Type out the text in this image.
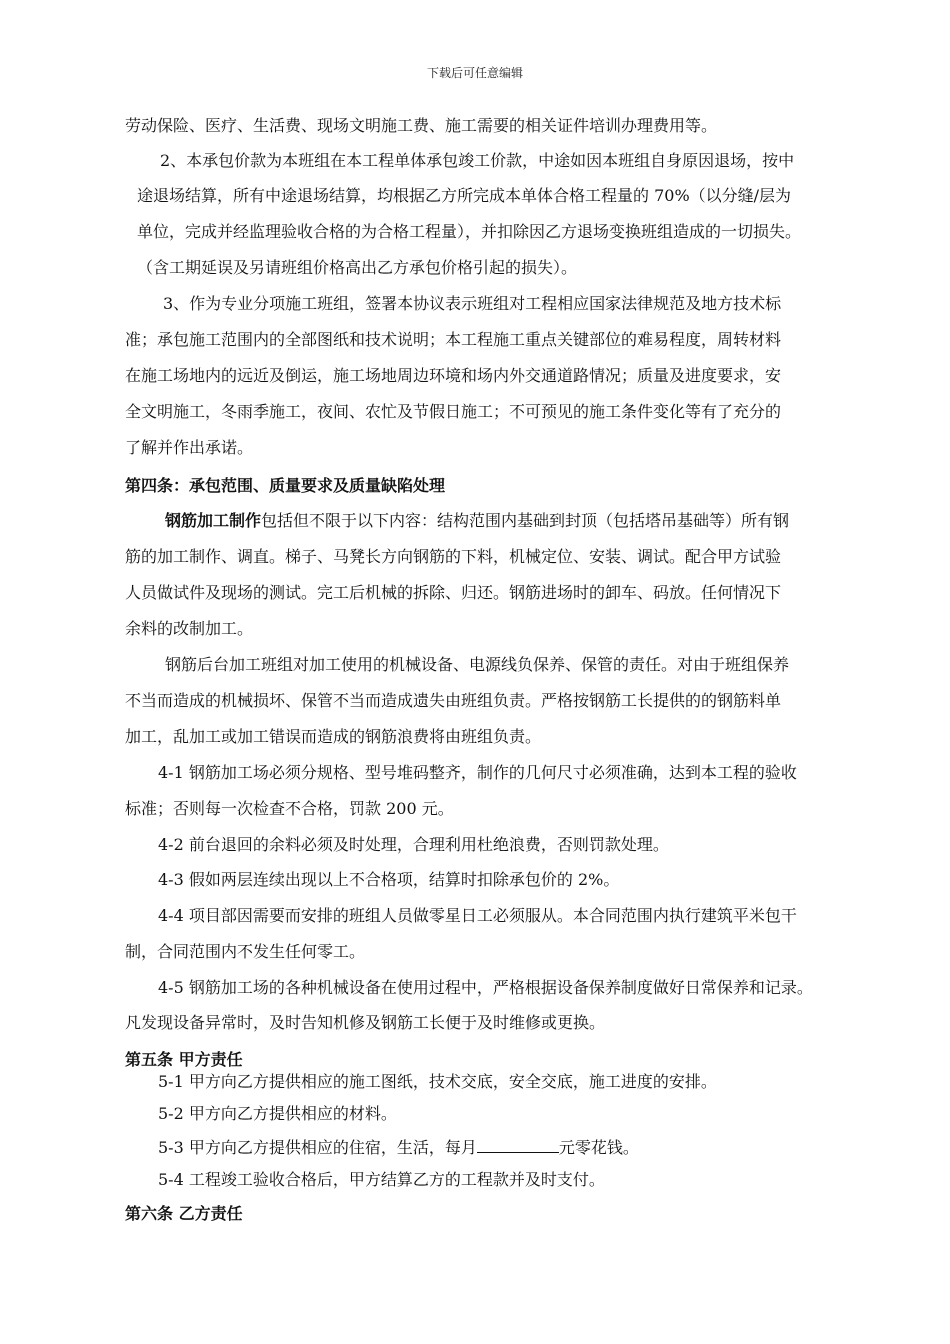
下载后可任意编辑
劳动保险、医疗、生活费、现场文明施工费、施工需要的相关证件培训办理费用等。
2、本承包价款为本班组在本工程单体承包竣工价款，中途如因本班组自身原因退场，按中
途退场结算，所有中途退场结算，均根据乙方所完成本单体合格工程量的 70%（以分缝/层为
单位，完成并经监理验收合格的为合格工程量），并扣除因乙方退场变换班组造成的一切损失。
（含工期延误及另请班组价格高出乙方承包价格引起的损失）。
3、作为专业分项施工班组，签署本协议表示班组对工程相应国家法律规范及地方技术标
准；承包施工范围内的全部图纸和技术说明；本工程施工重点关键部位的难易程度，周转材料
在施工场地内的远近及倒运，施工场地周边环境和场内外交通道路情况；质量及进度要求，安
全文明施工，冬雨季施工，夜间、农忙及节假日施工；不可预见的施工条件变化等有了充分的
了解并作出承诺。
第四条：承包范围、质量要求及质量缺陷处理
钢筋加工制作包括但不限于以下内容：结构范围内基础到封顶（包括塔吊基础等）所有钢
筋的加工制作、调直。梯子、马凳长方向钢筋的下料，机械定位、安装、调试。配合甲方试验
人员做试件及现场的测试。完工后机械的拆除、归还。钢筋进场时的卸车、码放。任何情况下
余料的改制加工。
钢筋后台加工班组对加工使用的机械设备、电源线负保养、保管的责任。对由于班组保养
不当而造成的机械损坏、保管不当而造成遗失由班组负责。严格按钢筋工长提供的的钢筋料单
加工，乱加工或加工错误而造成的钢筋浪费将由班组负责。
4-1 钢筋加工场必须分规格、型号堆码整齐，制作的几何尺寸必须准确，达到本工程的验收
标准；否则每一次检查不合格，罚款 200 元。
4-2 前台退回的余料必须及时处理，合理利用杜绝浪费，否则罚款处理。
4-3 假如两层连续出现以上不合格项，结算时扣除承包价的 2%。
4-4 项目部因需要而安排的班组人员做零星日工必须服从。本合同范围内执行建筑平米包干
制，合同范围内不发生任何零工。
4-5 钢筋加工场的各种机械设备在使用过程中，严格根据设备保养制度做好日常保养和记录。
凡发现设备异常时，及时告知机修及钢筋工长便于及时维修或更换。
第五条 甲方责任
5-1 甲方向乙方提供相应的施工图纸，技术交底，安全交底，施工进度的安排。
5-2 甲方向乙方提供相应的材料。
5-3 甲方向乙方提供相应的住宿，生活，每月	元零花钱。
5-4 工程竣工验收合格后，甲方结算乙方的工程款并及时支付。
第六条 乙方责任
